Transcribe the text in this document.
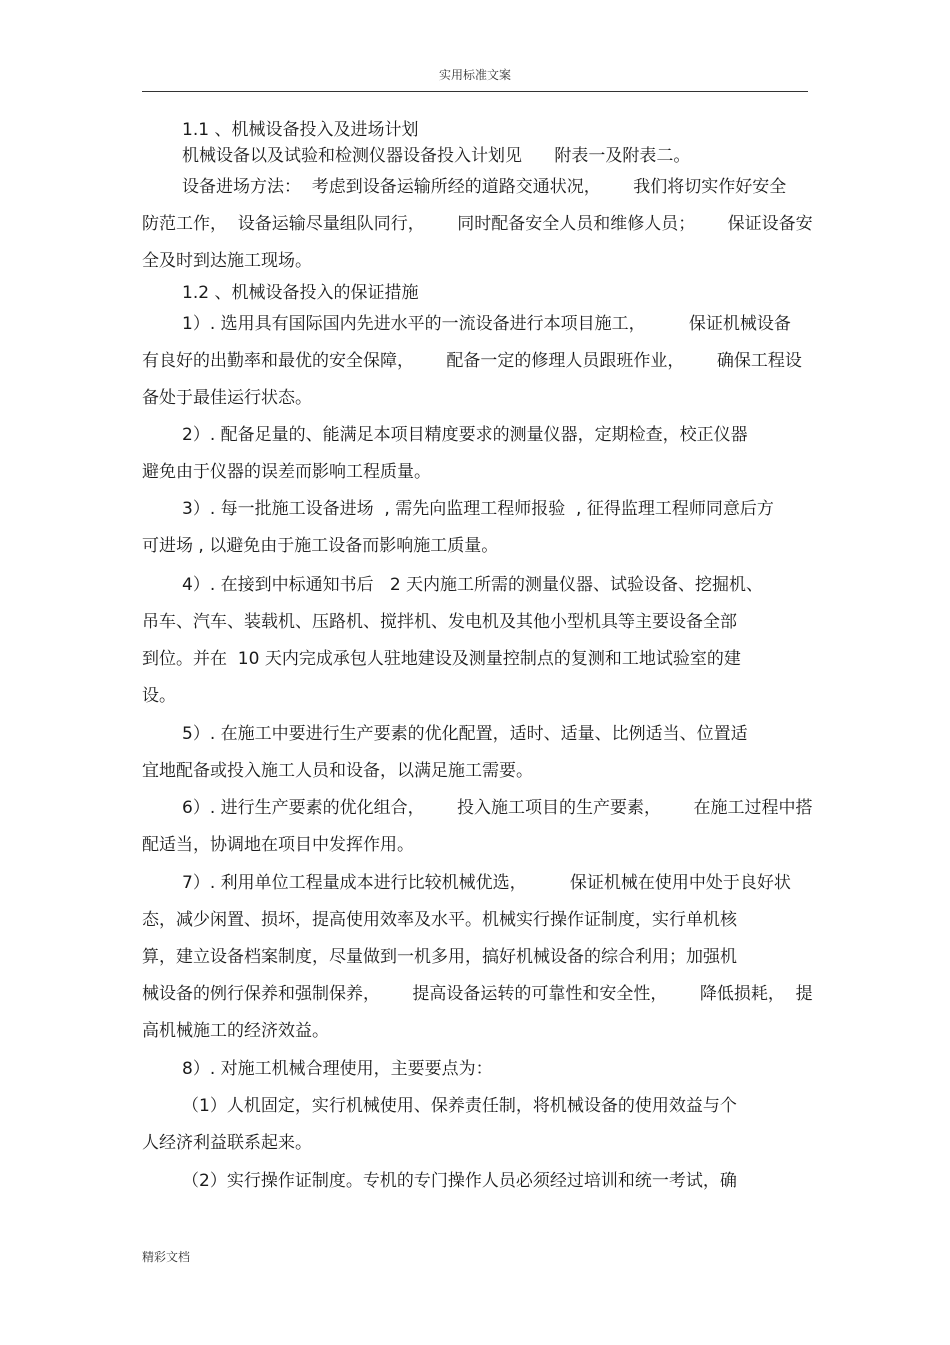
实用标准文案
1.1 、机械设备投入及进场计划
机械设备以及试验和检测仪器设备投入计划见      附表一及附表二。
设备进场方法：  考虑到设备运输所经的道路交通状况，      我们将切实作好安全
防范工作，  设备运输尽量组队同行，      同时配备安全人员和维修人员；      保证设备安
全及时到达施工现场。
1.2 、机械设备投入的保证措施
1）. 选用具有国际国内先进水平的一流设备进行本项目施工，        保证机械设备
有良好的出勤率和最优的安全保障，      配备一定的修理人员跟班作业，      确保工程设
备处于最佳运行状态。
2）. 配备足量的、能满足本项目精度要求的测量仪器，定期检查，校正仪器
避免由于仪器的误差而影响工程质量。
3）. 每一批施工设备进场  , 需先向监理工程师报验  , 征得监理工程师同意后方
可进场 , 以避免由于施工设备而影响施工质量。
4）. 在接到中标通知书后   2 天内施工所需的测量仪器、试验设备、挖掘机、
吊车、汽车、装载机、压路机、搅拌机、发电机及其他小型机具等主要设备全部
到位。并在  10 天内完成承包人驻地建设及测量控制点的复测和工地试验室的建
设。
5）. 在施工中要进行生产要素的优化配置，适时、适量、比例适当、位置适
宜地配备或投入施工人员和设备，以满足施工需要。
6）. 进行生产要素的优化组合，      投入施工项目的生产要素，      在施工过程中搭
配适当，协调地在项目中发挥作用。
7）. 利用单位工程量成本进行比较机械优选，        保证机械在使用中处于良好状
态，减少闲置、损坏，提高使用效率及水平。机械实行操作证制度，实行单机核
算，建立设备档案制度，尽量做到一机多用，搞好机械设备的综合利用；加强机
械设备的例行保养和强制保养，      提高设备运转的可靠性和安全性，      降低损耗，  提
高机械施工的经济效益。
8）. 对施工机械合理使用，主要要点为：
（1）人机固定，实行机械使用、保养责任制，将机械设备的使用效益与个
人经济利益联系起来。
（2）实行操作证制度。专机的专门操作人员必须经过培训和统一考试，确
精彩文档
